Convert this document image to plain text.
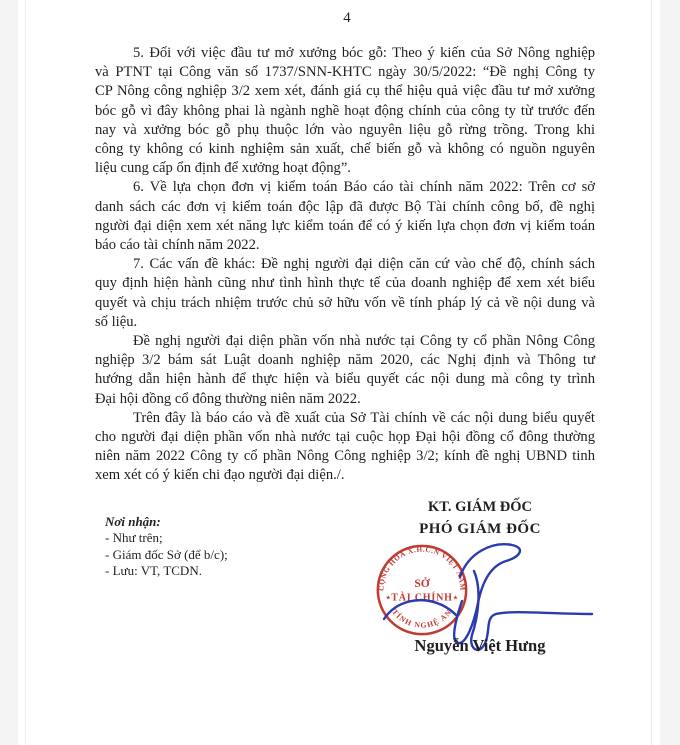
4
5. Đối với việc đầu tư mở xưởng bóc gỗ: Theo ý kiến của Sở Nông nghiệp
và PTNT tại Công văn số 1737/SNN-KHTC ngày 30/5/2022: “Đề nghị Công ty
CP Nông công nghiệp 3/2 xem xét, đánh giá cụ thể hiệu quả việc đầu tư mở xưởng
bóc gỗ vì đây không phai là ngành nghề hoạt động chính của công ty từ trước đến
nay và xưởng bóc gỗ phụ thuộc lớn vào nguyên liệu gỗ rừng trồng. Trong khi
công ty không có kinh nghiệm sản xuất, chế biến gỗ và không có nguồn nguyên
liệu cung cấp ổn định để xưởng hoạt động”.
6. Về lựa chọn đơn vị kiểm toán Báo cáo tài chính năm 2022: Trên cơ sở
danh sách các đơn vị kiểm toán độc lập đã được Bộ Tài chính công bố, đề nghị
người đại diện xem xét năng lực kiểm toán để có ý kiến lựa chọn đơn vị kiểm toán
báo cáo tài chính năm 2022.
7. Các vấn đề khác: Đề nghị người đại diện căn cứ vào chế độ, chính sách
quy định hiện hành cũng như tình hình thực tế của doanh nghiệp để xem xét biểu
quyết và chịu trách nhiệm trước chủ sở hữu vốn về tính pháp lý cả về nội dung và
số liệu.
Đề nghị người đại diện phần vốn nhà nước tại Công ty cổ phần Nông Công
nghiệp 3/2 bám sát Luật doanh nghiệp năm 2020, các Nghị định và Thông tư
hướng dẫn hiện hành để thực hiện và biểu quyết các nội dung mà công ty trình
Đại hội đồng cổ đông thường niên năm 2022.
Trên đây là báo cáo và đề xuất của Sở Tài chính về các nội dung biểu quyết
cho người đại diện phần vốn nhà nước tại cuộc họp Đại hội đồng cổ đông thường
niên năm 2022 Công ty cổ phần Nông Công nghiệp 3/2; kính đề nghị UBND tinh
xem xét có ý kiến chi đạo người đại diện./.
Nơi nhận:
- Như trên;
- Giám đốc Sở (để b/c);
- Lưu: VT, TCDN.
KT. GIÁM ĐỐC
PHÓ GIÁM ĐỐC
CỘNG HOÀ X.H.C.N VIỆT NAM
TỈNH NGHỆ AN
SỞ
TÀI CHÍNH
★	★
Nguyễn Việt Hưng
